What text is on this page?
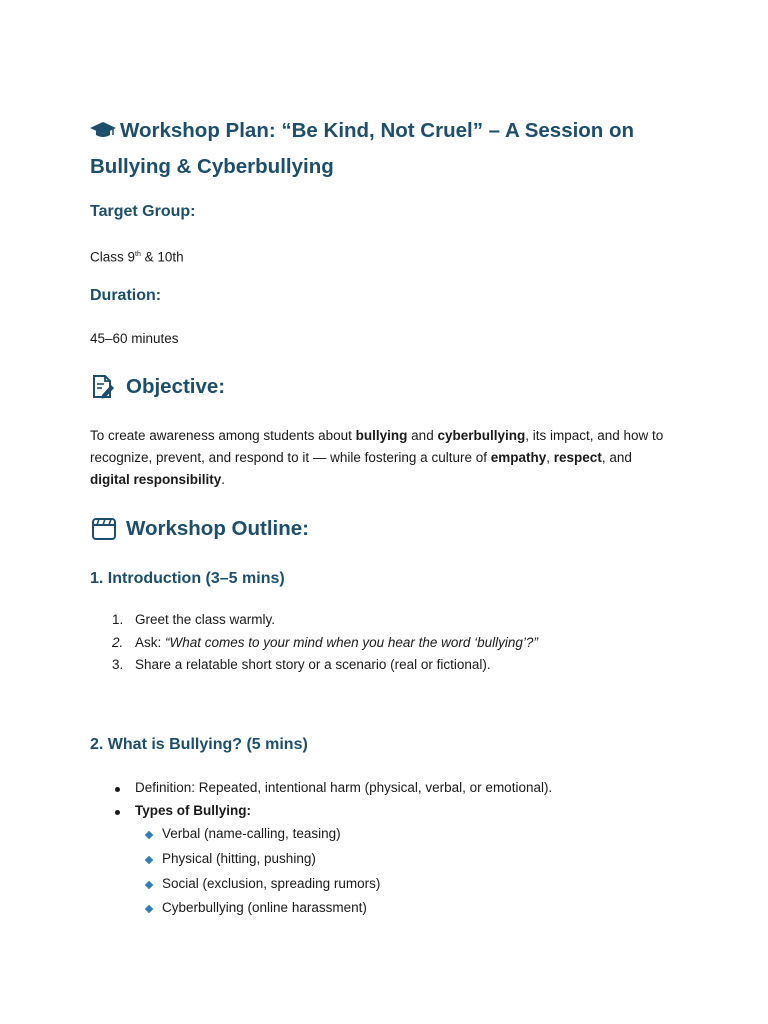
Workshop Plan: “Be Kind, Not Cruel” – A Session on Bullying & Cyberbullying
Target Group:
Class 9th & 10th
Duration:
45–60 minutes
Objective:
To create awareness among students about bullying and cyberbullying, its impact, and how to recognize, prevent, and respond to it — while fostering a culture of empathy, respect, and digital responsibility.
Workshop Outline:
1. Introduction (3–5 mins)
1. Greet the class warmly.
2. Ask: “What comes to your mind when you hear the word ‘bullying’?”
3. Share a relatable short story or a scenario (real or fictional).
2. What is Bullying? (5 mins)
Definition: Repeated, intentional harm (physical, verbal, or emotional).
Types of Bullying:
Verbal (name-calling, teasing)
Physical (hitting, pushing)
Social (exclusion, spreading rumors)
Cyberbullying (online harassment)
